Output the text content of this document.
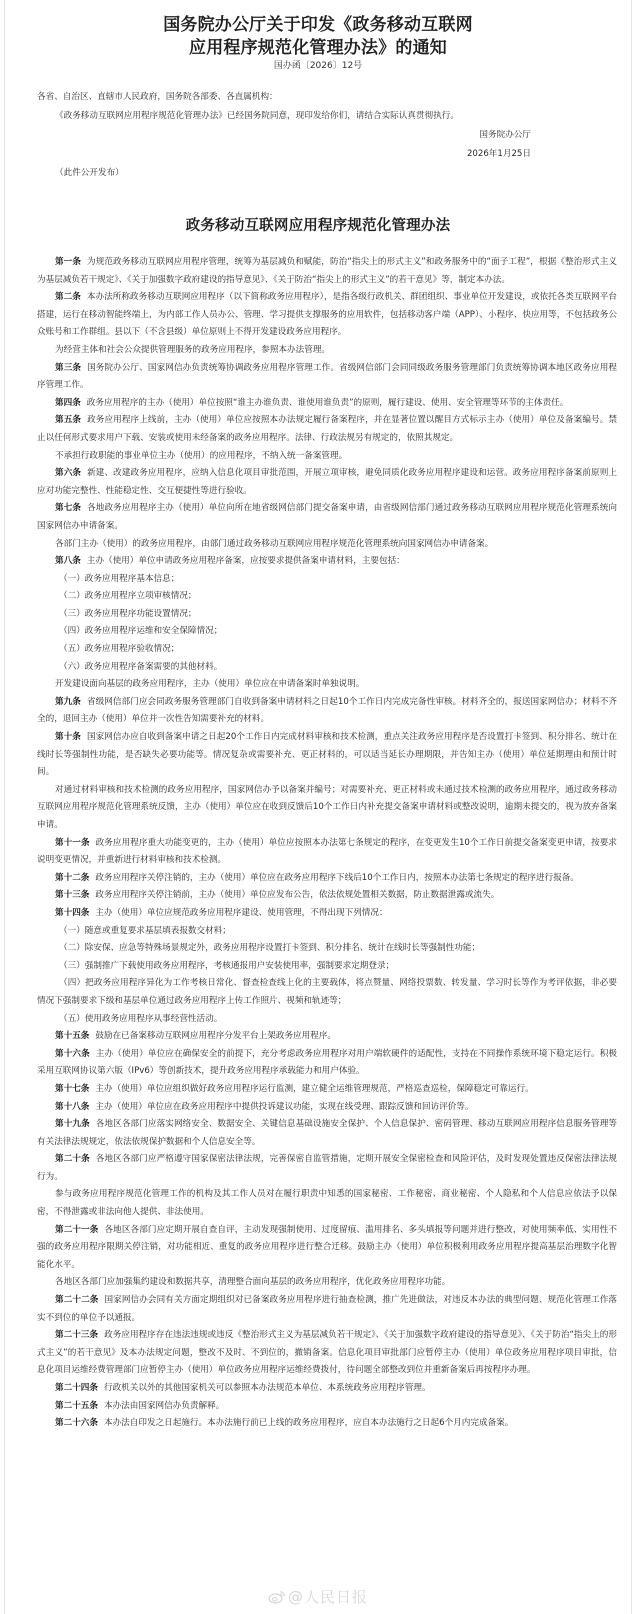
国务院办公厅关于印发《政务移动互联网
应用程序规范化管理办法》的通知
国办函〔2026〕12号
各省、自治区、直辖市人民政府，国务院各部委、各直属机构：
《政务移动互联网应用程序规范化管理办法》已经国务院同意，现印发给你们，请结合实际认真贯彻执行。
国务院办公厅
2026年1月25日
（此件公开发布）
政务移动互联网应用程序规范化管理办法

第一条 为规范政务移动互联网应用程序管理，统筹为基层减负和赋能，防治“指尖上的形式主义”和政务服务中的“面子工程”，根据《整治形式主义为基层减负若干规定》、《关于加强数字政府建设的指导意见》、《关于防治“指尖上的形式主义”的若干意见》等，制定本办法。

第二条 本办法所称政务移动互联网应用程序（以下简称政务应用程序），是指各级行政机关、群团组织、事业单位开发建设，或依托各类互联网平台搭建，运行在移动智能终端上，为内部工作人员办公、管理、学习提供支撑服务的应用软件，包括移动客户端（APP）、小程序、快应用等，不包括政务公众账号和工作群组。县以下（不含县级）单位原则上不得开发建设政务应用程序。

为经营主体和社会公众提供管理服务的政务应用程序，参照本办法管理。

第三条 国务院办公厅、国家网信办负责统筹协调政务应用程序管理工作。省级网信部门会同同级政务服务管理部门负责统筹协调本地区政务应用程序管理工作。

第四条 政务应用程序的主办（使用）单位按照“谁主办谁负责、谁使用谁负责”的原则，履行建设、使用、安全管理等环节的主体责任。

第五条 政务应用程序上线前，主办（使用）单位应按照本办法规定履行备案程序，并在显著位置以醒目方式标示主办（使用）单位及备案编号。禁止以任何形式要求用户下载、安装或使用未经备案的政务应用程序。法律、行政法规另有规定的，依照其规定。

不承担行政职能的事业单位主办（使用）的应用程序，不纳入统一备案管理。

第六条 新建、改建政务应用程序，应纳入信息化项目审批范围，开展立项审核，避免同质化政务应用程序建设和运营。政务应用程序备案前原则上应对功能完整性、性能稳定性、交互便捷性等进行验收。

第七条 各地政务应用程序主办（使用）单位向所在地省级网信部门提交备案申请，由省级网信部门通过政务移动互联网应用程序规范化管理系统向国家网信办申请备案。

各部门主办（使用）的政务应用程序，由部门通过政务移动互联网应用程序规范化管理系统向国家网信办申请备案。

第八条 主办（使用）单位申请政务应用程序备案，应按要求提供备案申请材料，主要包括：

（一）政务应用程序基本信息；

（二）政务应用程序立项审核情况；

（三）政务应用程序功能设置情况；

（四）政务应用程序运维和安全保障情况；

（五）政务应用程序验收情况；

（六）政务应用程序备案需要的其他材料。

开发建设面向基层的政务应用程序，主办（使用）单位应在申请备案时单独说明。

第九条 省级网信部门应会同政务服务管理部门自收到备案申请材料之日起10个工作日内完成完备性审核。材料齐全的，报送国家网信办；材料不齐全的，退回主办（使用）单位并一次性告知需要补充的材料。

第十条 国家网信办应自收到备案申请之日起20个工作日内完成材料审核和技术检测，重点关注政务应用程序是否设置打卡签到、积分排名、统计在线时长等强制性功能，是否缺失必要功能等。情况复杂或需要补充、更正材料的，可以适当延长办理期限，并告知主办（使用）单位延期理由和预计时间。

对通过材料审核和技术检测的政务应用程序，国家网信办予以备案并编号；对需要补充、更正材料或未通过技术检测的政务应用程序，通过政务移动互联网应用程序规范化管理系统反馈，主办（使用）单位应在收到反馈后10个工作日内补充提交备案申请材料或整改说明，逾期未提交的，视为放弃备案申请。

第十一条 政务应用程序重大功能变更的，主办（使用）单位应按照本办法第七条规定的程序，在变更发生10个工作日前提交备案变更申请，按要求说明变更情况，并重新进行材料审核和技术检测。

第十二条 政务应用程序关停注销的，主办（使用）单位应在政务应用程序下线后10个工作日内，按照本办法第七条规定的程序进行报备。

第十三条 政务应用程序关停注销前，主办（使用）单位应发布公告，依法依规处置相关数据，防止数据泄露或流失。

第十四条 主办（使用）单位应规范政务应用程序建设、使用管理，不得出现下列情况：

（一）随意或重复要求基层填表报数交材料；

（二）除安保、应急等特殊场景规定外，政务应用程序设置打卡签到、积分排名、统计在线时长等强制性功能；

（三）强制推广下载使用政务应用程序，考核通报用户安装使用率，强制要求定期登录；

（四）把政务应用程序异化为工作考核日常化、督查检查线上化的主要载体，将点赞量、网络投票数、转发量、学习时长等作为考评依据，非必要情况下强制要求下级和基层单位通过政务应用程序上传工作照片、视频和轨迹等；

（五）使用政务应用程序从事经营性活动。

第十五条 鼓励在已备案移动互联网应用程序分发平台上架政务应用程序。

第十六条 主办（使用）单位应在确保安全的前提下，充分考虑政务应用程序对用户端软硬件的适配性，支持在不同操作系统环境下稳定运行。积极采用互联网协议第六版（IPv6）等创新技术，提升政务应用程序承载能力和用户体验。

第十七条 主办（使用）单位应组织做好政务应用程序运行监测，建立健全运维管理规范，严格巡查巡检，保障稳定可靠运行。

第十八条 主办（使用）单位应在政务应用程序中提供投诉建议功能，实现在线受理、跟踪反馈和回访评价等。

第十九条 各地区各部门应落实网络安全、数据安全、关键信息基础设施安全保护、个人信息保护、密码管理、移动互联网应用程序信息服务管理等有关法律法规规定，依法依规保护数据和个人信息安全等。

第二十条 各地区各部门应严格遵守国家保密法律法规，完善保密自监管措施，定期开展安全保密检查和风险评估，及时发现处置违反保密法律法规行为。

参与政务应用程序规范化管理工作的机构及其工作人员对在履行职责中知悉的国家秘密、工作秘密、商业秘密、个人隐私和个人信息应依法予以保密，不得泄露或非法向他人提供、非法使用。

第二十一条 各地区各部门应定期开展自查自评，主动发现强制使用、过度留痕、滥用排名、多头填报等问题并进行整改，对使用频率低、实用性不强的政务应用程序限期关停注销，对功能相近、重复的政务应用程序进行整合迁移。鼓励主办（使用）单位积极利用政务应用程序提高基层治理数字化智能化水平。

各地区各部门应加强集约建设和数据共享，清理整合面向基层的政务应用程序，优化政务应用程序功能。

第二十二条 国家网信办会同有关方面定期组织对已备案政务应用程序进行抽查检测，推广先进做法，对违反本办法的典型问题、规范化管理工作落实不到位的单位予以通报。

第二十三条 政务应用程序存在违法违规或违反《整治形式主义为基层减负若干规定》、《关于加强数字政府建设的指导意见》、《关于防治“指尖上的形式主义”的若干意见》及本办法规定问题，整改不及时、不到位的，撤销备案。信息化项目审批部门应暂停主办（使用）单位政务应用程序项目审批，信息化项目运维经费管理部门应暂停主办（使用）单位政务应用程序运维经费拨付，待问题全部整改到位并重新备案后再按程序办理。

第二十四条 行政机关以外的其他国家机关可以参照本办法规范本单位、本系统政务应用程序管理。

第二十五条 本办法由国家网信办负责解释。

第二十六条 本办法自印发之日起施行。本办法施行前已上线的政务应用程序，应自本办法施行之日起6个月内完成备案。

@人民日报
